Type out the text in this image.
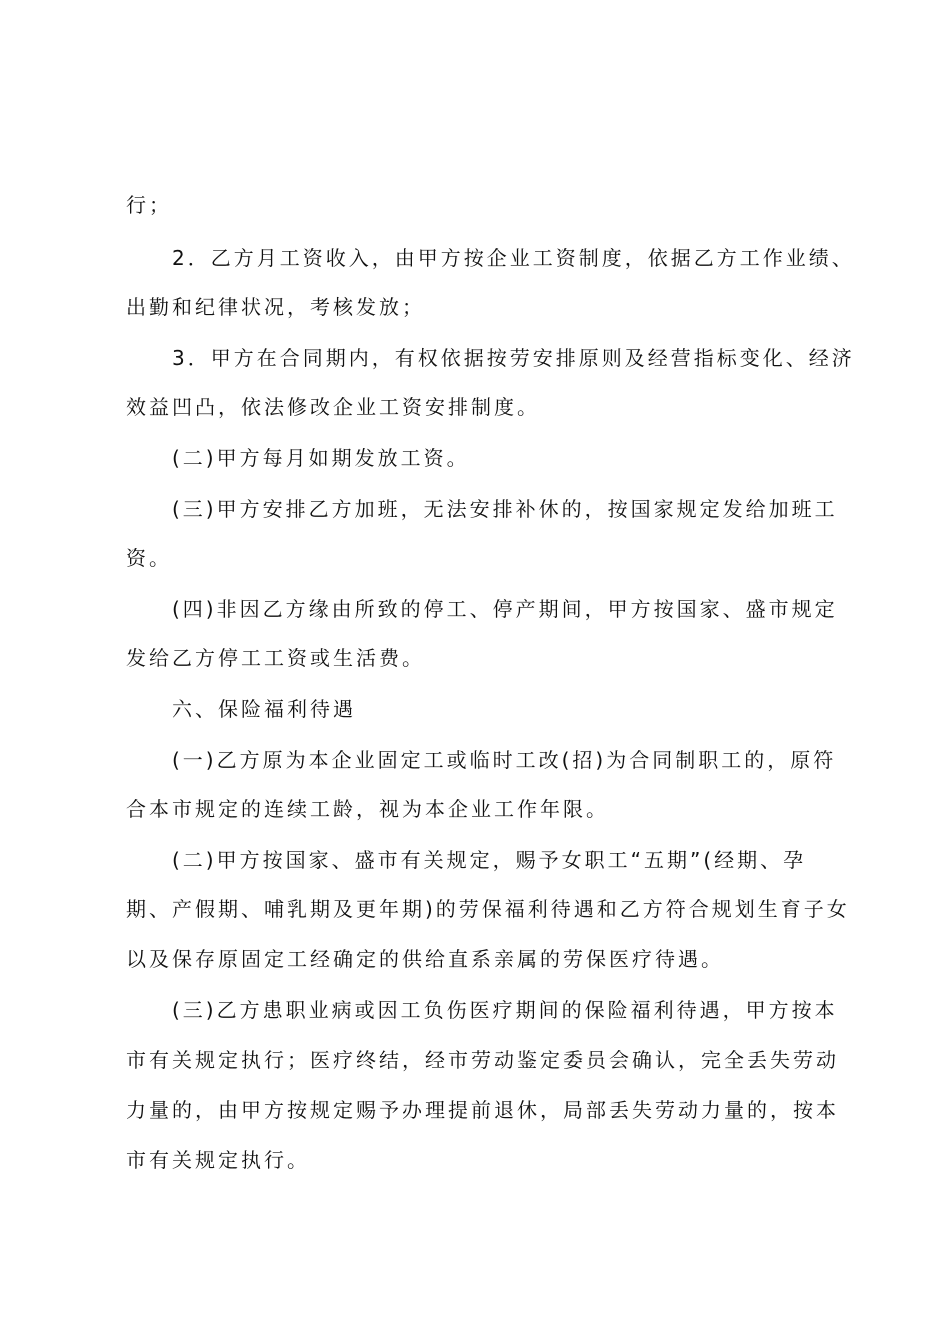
行；
2．乙方月工资收入，由甲方按企业工资制度，依据乙方工作业绩、
出勤和纪律状况，考核发放；
3．甲方在合同期内，有权依据按劳安排原则及经营指标变化、经济
效益凹凸，依法修改企业工资安排制度。
(二)甲方每月如期发放工资。
(三)甲方安排乙方加班，无法安排补休的，按国家规定发给加班工
资。
(四)非因乙方缘由所致的停工、停产期间，甲方按国家、盛市规定
发给乙方停工工资或生活费。
六、保险福利待遇
(一)乙方原为本企业固定工或临时工改(招)为合同制职工的，原符
合本市规定的连续工龄，视为本企业工作年限。
(二)甲方按国家、盛市有关规定，赐予女职工“五期”(经期、孕
期、产假期、哺乳期及更年期)的劳保福利待遇和乙方符合规划生育子女
以及保存原固定工经确定的供给直系亲属的劳保医疗待遇。
(三)乙方患职业病或因工负伤医疗期间的保险福利待遇，甲方按本
市有关规定执行；医疗终结，经市劳动鉴定委员会确认，完全丢失劳动
力量的，由甲方按规定赐予办理提前退休，局部丢失劳动力量的，按本
市有关规定执行。
